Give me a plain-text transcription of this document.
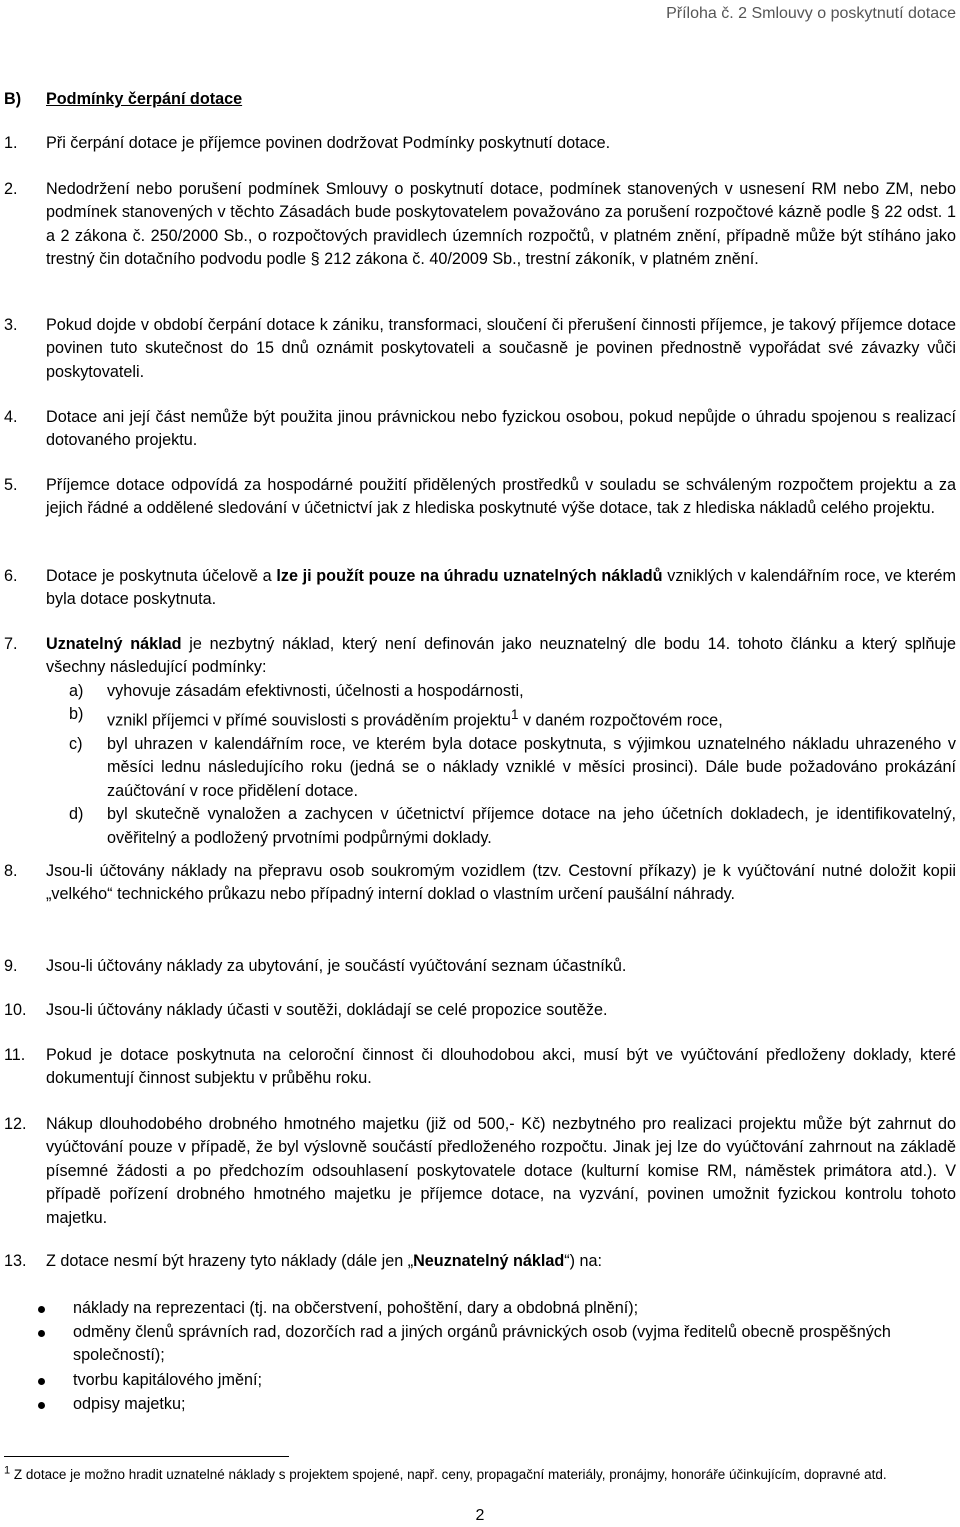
Příloha č. 2 Smlouvy o poskytnutí dotace
B) Podmínky čerpání dotace
1.	Při čerpání dotace je příjemce povinen dodržovat Podmínky poskytnutí dotace.
2.	Nedodržení nebo porušení podmínek Smlouvy o poskytnutí dotace, podmínek stanovených v usnesení RM nebo ZM, nebo podmínek stanovených v těchto Zásadách bude poskytovatelem považováno za porušení rozpočtové kázně podle § 22 odst. 1 a 2 zákona č. 250/2000 Sb., o rozpočtových pravidlech územních rozpočtů, v platném znění, případně může být stíháno jako trestný čin dotačního podvodu podle § 212 zákona č. 40/2009 Sb., trestní zákoník, v platném znění.
3.	Pokud dojde v období čerpání dotace k zániku, transformaci, sloučení či přerušení činnosti příjemce, je takový příjemce dotace povinen tuto skutečnost do 15 dnů oznámit poskytovateli a současně je povinen přednostně vypořádat své závazky vůči poskytovateli.
4.	Dotace ani její část nemůže být použita jinou právnickou nebo fyzickou osobou, pokud nepůjde o úhradu spojenou s realizací dotovaného projektu.
5.	Příjemce dotace odpovídá za hospodárné použití přidělených prostředků v souladu se schváleným rozpočtem projektu a za jejich řádné a oddělené sledování v účetnictví jak z hlediska poskytnuté výše dotace, tak z hlediska nákladů celého projektu.
6.	Dotace je poskytnuta účelově a lze ji použít pouze na úhradu uznatelných nákladů vzniklých v kalendářním roce, ve kterém byla dotace poskytnuta.
7.	Uznatelný náklad je nezbytný náklad, který není definován jako neuznatelný dle bodu 14. tohoto článku a který splňuje všechny následující podmínky:
a) vyhovuje zásadám efektivnosti, účelnosti a hospodárnosti,
b) vznikl příjemci v přímé souvislosti s prováděním projektu$^1$ v daném rozpočtovém roce,
c) byl uhrazen v kalendářním roce, ve kterém byla dotace poskytnuta, s výjimkou uznatelného nákladu uhrazeného v měsíci lednu následujícího roku (jedná se o náklady vzniklé v měsíci prosinci). Dále bude požadováno prokázání zaúčtování v roce přidělení dotace.
d) byl skutečně vynaložen a zachycen v účetnictví příjemce dotace na jeho účetních dokladech, je identifikovatelný, ověřitelný a podložený prvotními podpůrnými doklady.
8.	Jsou-li účtovány náklady na přepravu osob soukromým vozidlem (tzv. Cestovní příkazy) je k vyúčtování nutné doložit kopii „velkého“ technického průkazu nebo případný interní doklad o vlastním určení paušální náhrady.
9.	Jsou-li účtovány náklady za ubytování, je součástí vyúčtování seznam účastníků.
10.	Jsou-li účtovány náklady účasti v soutěži, dokládají se celé propozice soutěže.
11.	Pokud je dotace poskytnuta na celoroční činnost či dlouhodobou akci, musí být ve vyúčtování předloženy doklady, které dokumentují činnost subjektu v průběhu roku.
12.	Nákup dlouhodobého drobného hmotného majetku (již od 500,- Kč) nezbytného pro realizaci projektu může být zahrnut do vyúčtování pouze v případě, že byl výslovně součástí předloženého rozpočtu. Jinak jej lze do vyúčtování zahrnout na základě písemné žádosti a po předchozím odsouhlasení poskytovatele dotace (kulturní komise RM, náměstek primátora atd.). V případě pořízení drobného hmotného majetku je příjemce dotace, na vyzvání, povinen umožnit fyzickou kontrolu tohoto majetku.
13.	Z dotace nesmí být hrazeny tyto náklady (dále jen „Neuznatelný náklad“) na:
náklady na reprezentaci (tj. na občerstvení, pohoštění, dary a obdobná plnění);
odměny členů správních rad, dozorčích rad a jiných orgánů právnických osob (vyjma ředitelů obecně prospěšných společností);
tvorbu kapitálového jmění;
odpisy majetku;
$^1$ Z dotace je možno hradit uznatelné náklady s projektem spojené, např. ceny, propagační materiály, pronájmy, honoráře účinkujícím, dopravné atd.
2
